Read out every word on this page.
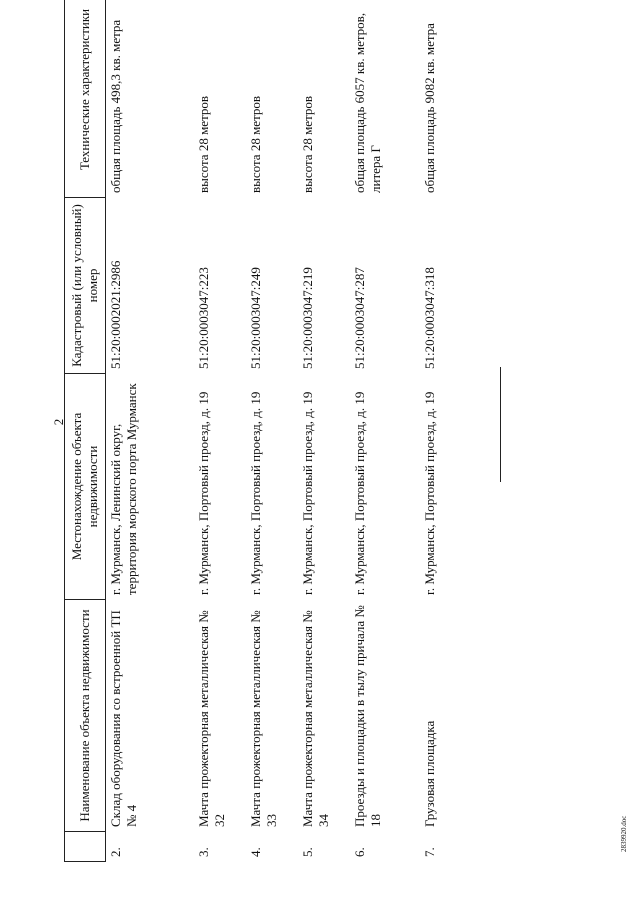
2
	Наименование объекта недвижимости	Местонахождение объекта недвижимости	Кадастровый (или условный) номер	Технические характеристики
2.	Склад оборудования со встроенной ТП № 4	г. Мурманск, Ленинский округ, территория морского порта Мурманск	51:20:0002021:2986	общая площадь 498,3 кв. метра
3.	Мачта прожекторная металлическая № 32	г. Мурманск, Портовый проезд, д. 19	51:20:0003047:223	высота 28 метров
4.	Мачта прожекторная металлическая № 33	г. Мурманск, Портовый проезд, д. 19	51:20:0003047:249	высота 28 метров
5.	Мачта прожекторная металлическая № 34	г. Мурманск, Портовый проезд, д. 19	51:20:0003047:219	высота 28 метров
6.	Проезды и площадки в тылу причала № 18	г. Мурманск, Портовый проезд, д. 19	51:20:0003047:287	общая площадь 6057 кв. метров, литера Г
7.	Грузовая площадка	г. Мурманск, Портовый проезд, д. 19	51:20:0003047:318	общая площадь 9082 кв. метра
2839920.doc
